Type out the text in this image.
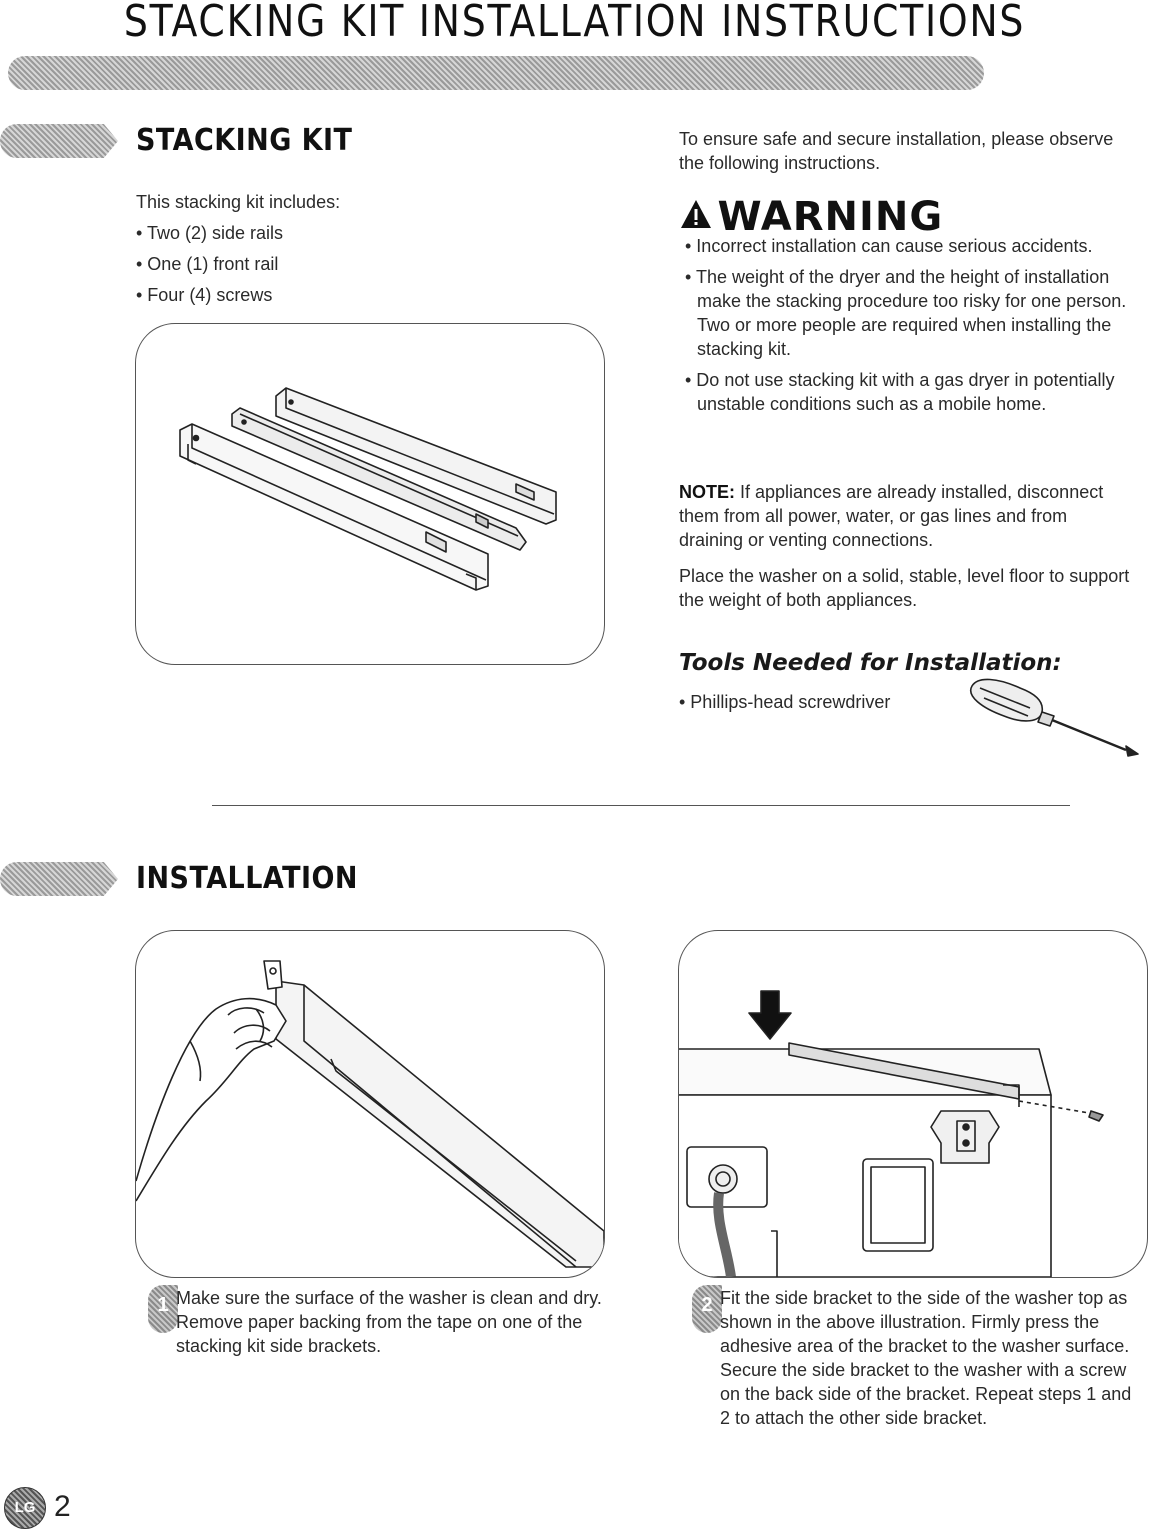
STACKING KIT INSTALLATION INSTRUCTIONS
STACKING KIT
This stacking kit includes:
• Two (2) side rails
• One (1) front rail
• Four (4) screws
To ensure safe and secure installation, please observe the following instructions.
WARNING
• Incorrect installation can cause serious accidents.
• The weight of the dryer and the height of installation make the stacking procedure too risky for one person. Two or more people are required when installing the stacking kit.
• Do not use stacking kit with a gas dryer in potentially unstable conditions such as a mobile home.
NOTE: If appliances are already installed, disconnect them from all power, water, or gas lines and from draining or venting connections.
Place the washer on a solid, stable, level floor to support the weight of both appliances.
Tools Needed for Installation:
• Phillips-head screwdriver
INSTALLATION
1 Make sure the surface of the washer is clean and dry. Remove paper backing from the tape on one of the stacking kit side brackets.
2 Fit the side bracket to the side of the washer top as shown in the above illustration. Firmly press the adhesive area of the bracket to the washer surface. Secure the side bracket to the washer with a screw on the back side of the bracket. Repeat steps 1 and 2 to attach the other side bracket.
LG 2
